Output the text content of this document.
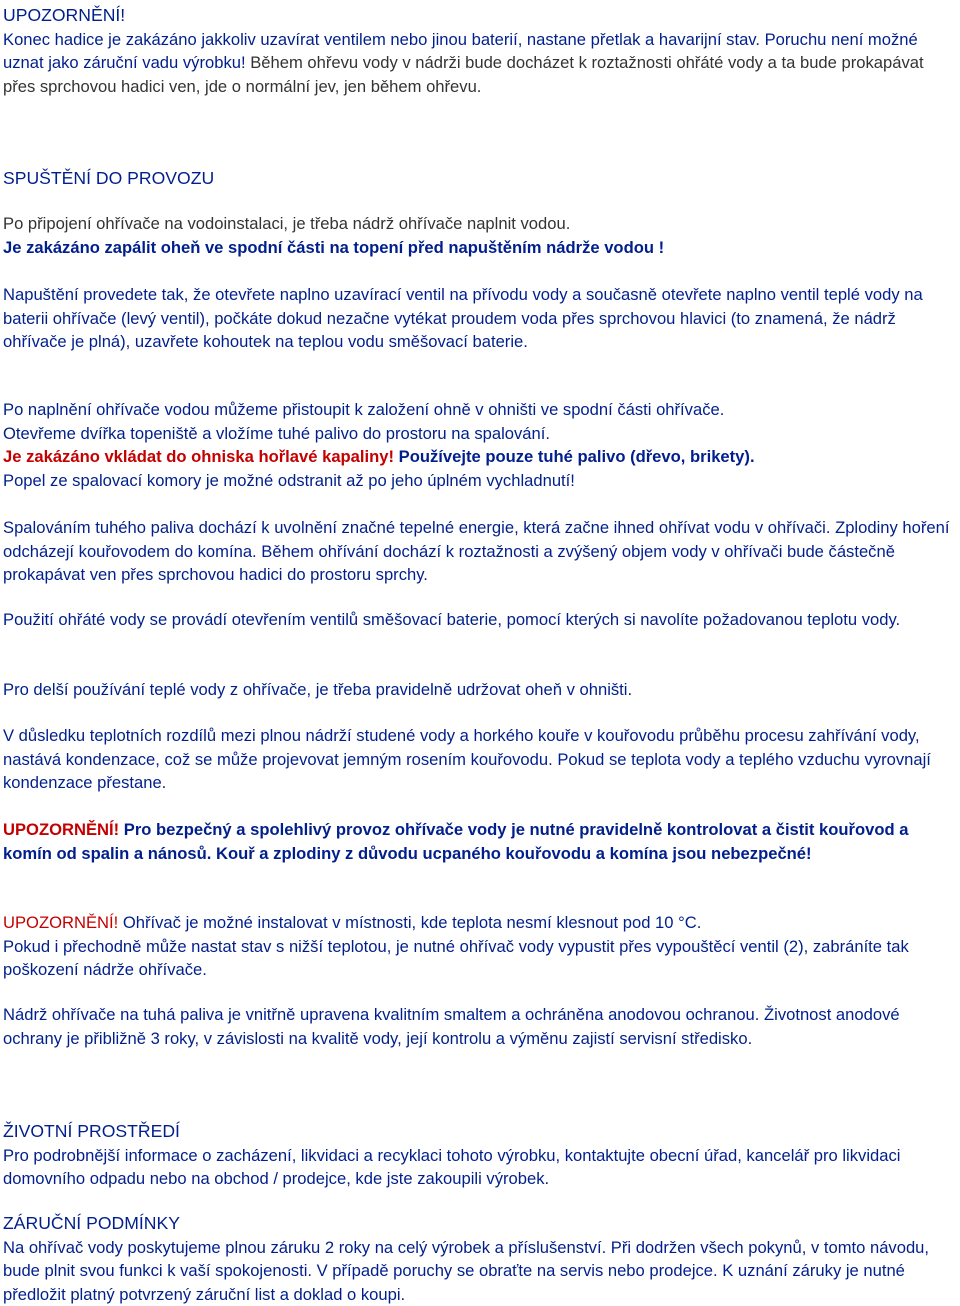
UPOZORNĚNÍ!
Konec hadice je zakázáno jakkoliv uzavírat ventilem nebo jinou baterií, nastane přetlak a havarijní stav. Poruchu není možné uznat jako záruční vadu výrobku! Během ohřevu vody v nádrži bude docházet k roztažnosti ohřáté vody a ta bude prokapávat přes sprchovou hadici ven, jde o normální jev, jen během ohřevu.

SPUŠTĚNÍ DO PROVOZU

Po připojení ohřívače na vodoinstalaci, je třeba nádrž ohřívače naplnit vodou.

Je zakázáno zapálit oheň ve spodní části na topení před napuštěním nádrže vodou !

Napuštění provedete tak, že otevřete naplno uzavírací ventil na přívodu vody a současně otevřete naplno ventil teplé vody na baterii ohřívače (levý ventil), počkáte dokud nezačne vytékat proudem voda přes sprchovou hlavici (to znamená, že nádrž ohřívače je plná), uzavřete kohoutek na teplou vodu směšovací baterie.

Po naplnění ohřívače vodou můžeme přistoupit k založení ohně v ohništi ve spodní části ohřívače.

Otevřeme dvířka topeniště a vložíme tuhé palivo do prostoru na spalování.

Je zakázáno vkládat do ohniska hořlavé kapaliny! Používejte pouze tuhé palivo (dřevo, brikety).

Popel ze spalovací komory je možné odstranit až po jeho úplném vychladnutí!

Spalováním tuhého paliva dochází k uvolnění značné tepelné energie, která začne ihned ohřívat vodu v ohřívači. Zplodiny hoření odcházejí kouřovodem do komína. Během ohřívání dochází k roztažnosti a zvýšený objem vody v ohřívači bude částečně prokapávat ven přes sprchovou hadici do prostoru sprchy.

Použití ohřáté vody se provádí otevřením ventilů směšovací baterie, pomocí kterých si navolíte požadovanou teplotu vody.

Pro delší používání teplé vody z ohřívače, je třeba pravidelně udržovat oheň v ohništi.

V důsledku teplotních rozdílů mezi plnou nádrží studené vody a horkého kouře v kouřovodu průběhu procesu zahřívání vody, nastává kondenzace, což se může projevovat jemným rosením kouřovodu. Pokud se teplota vody a teplého vzduchu vyrovnají kondenzace přestane.

UPOZORNĚNÍ! Pro bezpečný a spolehlivý provoz ohřívače vody je nutné pravidelně kontrolovat a čistit kouřovod a komín od spalin a nánosů. Kouř a zplodiny z důvodu ucpaného kouřovodu a komína jsou nebezpečné!

UPOZORNĚNÍ! Ohřívač je možné instalovat v místnosti, kde teplota nesmí klesnout pod 10 °C.

Pokud i přechodně může nastat stav s nižší teplotou, je nutné ohřívač vody vypustit přes vypouštěcí ventil (2), zabráníte tak poškození nádrže ohřívače.

Nádrž ohřívače na tuhá paliva je vnitřně upravena kvalitním smaltem a ochráněna anodovou ochranou. Životnost anodové ochrany je přibližně 3 roky, v závislosti na kvalitě vody, její kontrolu a výměnu zajistí servisní středisko.

ŽIVOTNÍ PROSTŘEDÍ

Pro podrobnější informace o zacházení, likvidaci a recyklaci tohoto výrobku, kontaktujte obecní úřad, kancelář pro likvidaci domovního odpadu nebo na obchod / prodejce, kde jste zakoupili výrobek.

ZÁRUČNÍ PODMÍNKY

Na ohřívač vody poskytujeme plnou záruku 2 roky na celý výrobek a příslušenství. Při dodržen všech pokynů, v tomto návodu, bude plnit svou funkci k vaší spokojenosti. V případě poruchy se obraťte na servis nebo prodejce. K uznání záruky je nutné předložit platný potvrzený záruční list a doklad o koupi.
